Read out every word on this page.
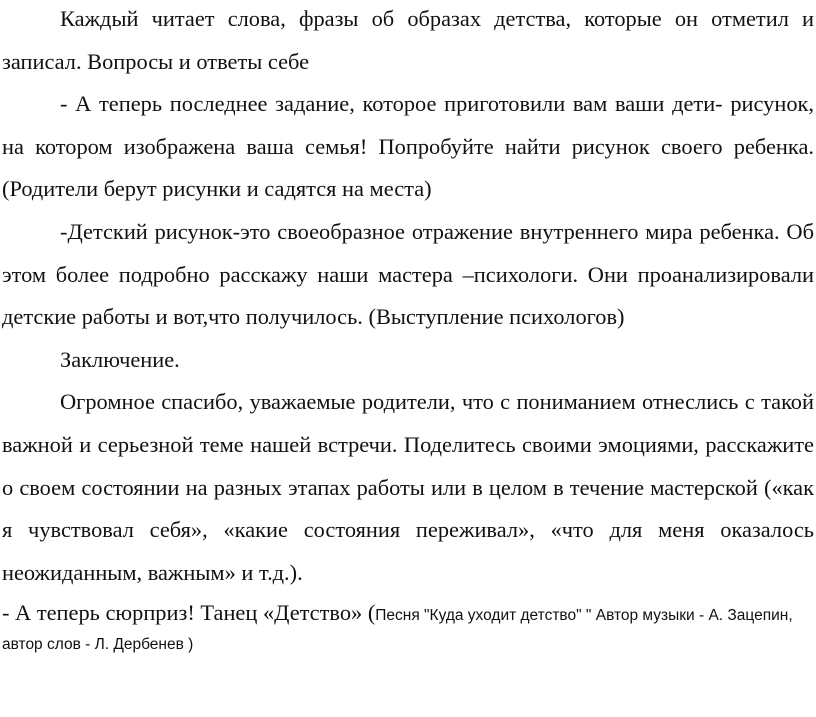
Каждый читает слова, фразы об образах детства, которые он отметил и записал. Вопросы и ответы себе

- А теперь последнее задание, которое приготовили вам ваши дети- рисунок, на котором изображена ваша семья! Попробуйте найти рисунок своего ребенка.(Родители берут рисунки и садятся на места)

-Детский рисунок-это своеобразное отражение внутреннего мира ребенка. Об этом более подробно расскажу наши мастера –психологи. Они проанализировали детские работы и вот,что получилось. (Выступление психологов)

Заключение.

Огромное спасибо, уважаемые родители, что с пониманием отнеслись с такой важной и серьезной теме нашей встречи. Поделитесь своими эмоциями, расскажите о своем состоянии на разных этапах работы или в целом в течение мастерской («как я чувствовал себя», «какие состояния переживал», «что для меня оказалось неожиданным, важным» и т.д.).

- А теперь сюрприз! Танец «Детство» (Песня "Куда уходит детство" " Автор музыки - А. Зацепин, автор слов - Л. Дербенев )
